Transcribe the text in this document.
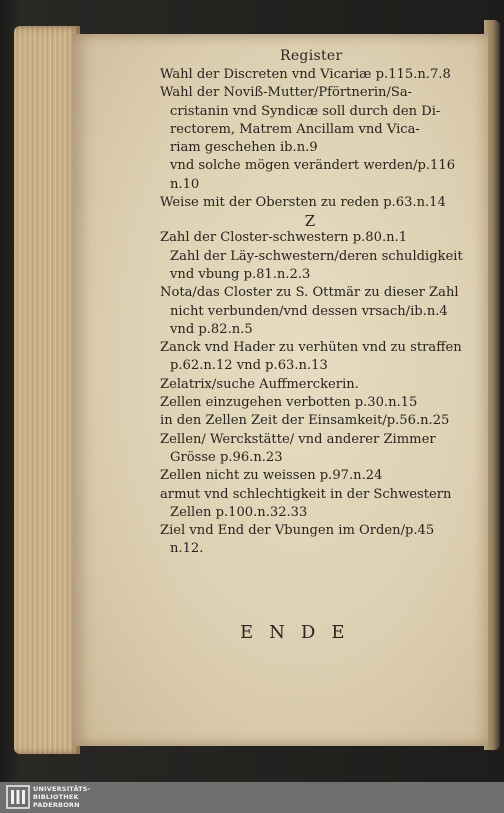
Register
Wahl der Discreten vnd Vicariæ p.115.n.7.8
Wahl der Noviß-Mutter/Pförtnerin/Sa-
cristanin vnd Syndicæ soll durch den Di-
rectorem, Matrem Ancillam vnd Vica-
riam geschehen ib.n.9
vnd solche mögen verändert werden/p.116
n.10
Weise mit der Obersten zu reden p.63.n.14
Z
Zahl der Closter-schwestern p.80.n.1
Zahl der Läy-schwestern/deren schuldigkeit
vnd vbung p.81.n.2.3
Nota/das Closter zu S. Ottmär zu dieser Zahl
nicht verbunden/vnd dessen vrsach/ib.n.4
vnd p.82.n.5
Zanck vnd Hader zu verhüten vnd zu straffen
p.62.n.12 vnd p.63.n.13
Zelatrix/suche Auffmerckerin.
Zellen einzugehen verbotten p.30.n.15
in den Zellen Zeit der Einsamkeit/p.56.n.25
Zellen/ Werckstätte/ vnd anderer Zimmer
Grösse p.96.n.23
Zellen nicht zu weissen p.97.n.24
armut vnd schlechtigkeit in der Schwestern
Zellen p.100.n.32.33
Ziel vnd End der Vbungen im Orden/p.45
n.12.
ENDE
UNIVERSITÄTS-
BIBLIOTHEK
PADERBORN
